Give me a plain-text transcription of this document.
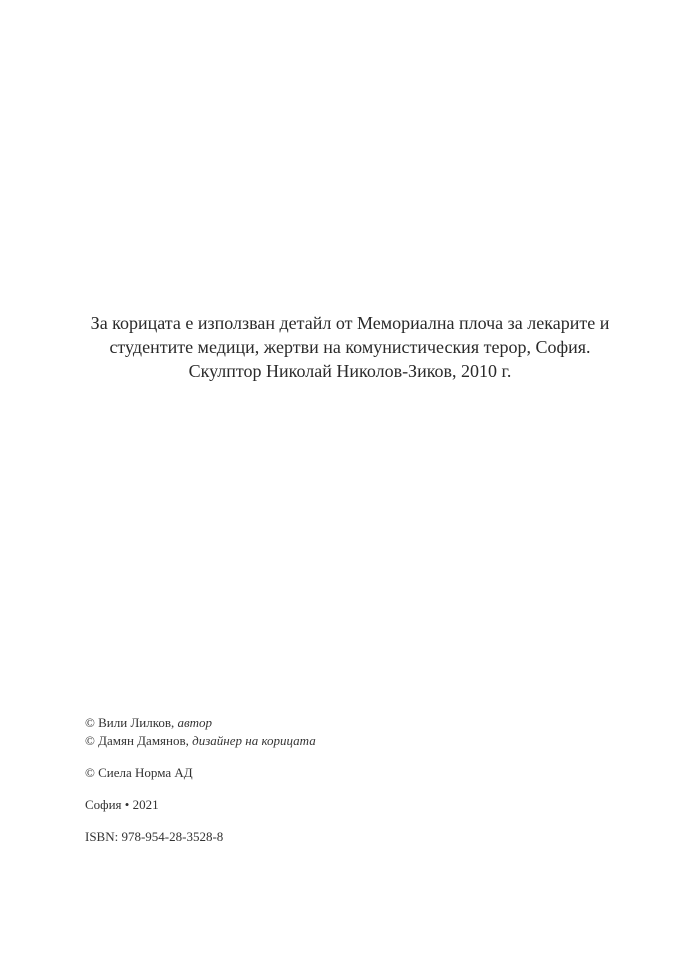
За корицата е използван детайл от Мемориална плоча за лекарите и
студентите медици, жертви на комунистическия терор, София.
Скулптор Николай Николов-Зиков, 2010 г.
© Вили Лилков, автор
© Дамян Дамянов, дизайнер на корицата
© Сиела Норма АД
София • 2021
ISBN: 978-954-28-3528-8
